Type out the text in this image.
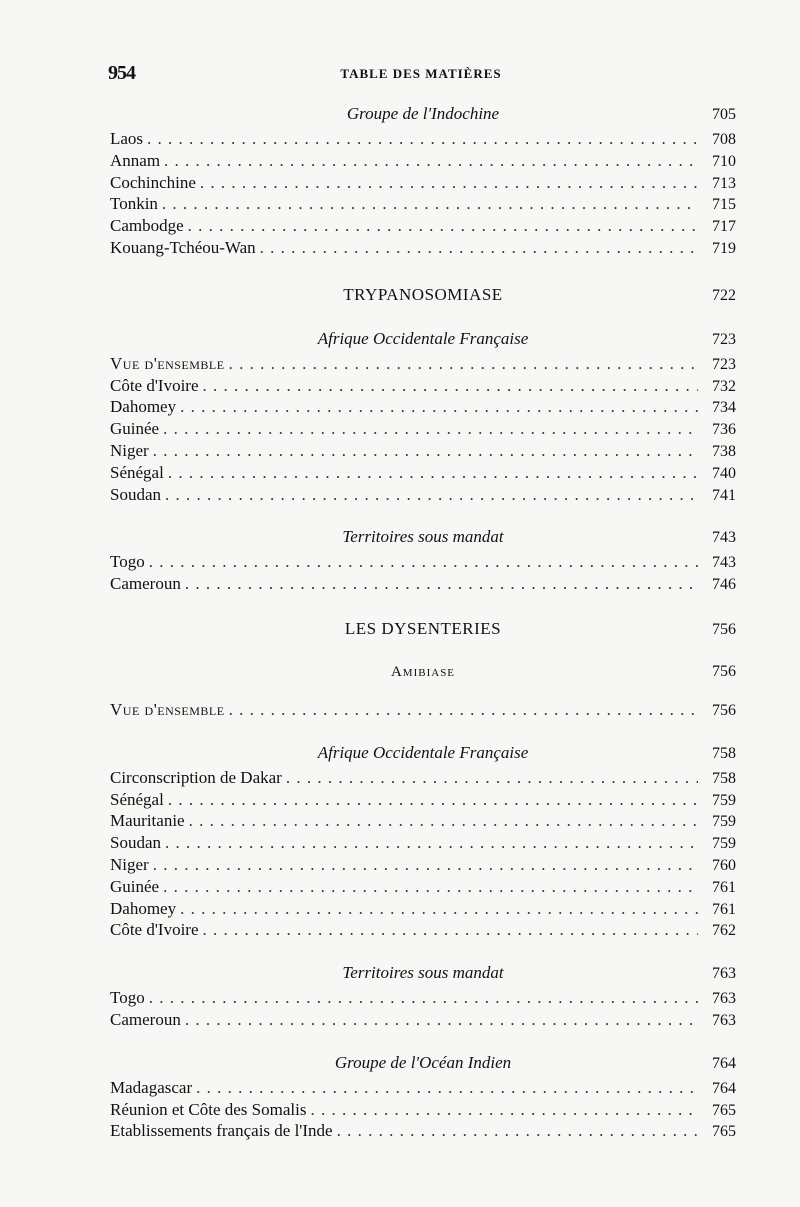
954	TABLE DES MATIÈRES
Groupe de l'Indochine	705
Laos . . .	708
Annam . . .	710
Cochinchine . . .	713
Tonkin . . .	715
Cambodge . . .	717
Kouang-Tchéou-Wan . . .	719
TRYPANOSOMIASE	722
Afrique Occidentale Française	723
Vue d'ensemble . . .	723
Côte d'Ivoire . . .	732
Dahomey . . .	734
Guinée . . .	736
Niger . . .	738
Sénégal . . .	740
Soudan . . .	741
Territoires sous mandat	743
Togo . . .	743
Cameroun . . .	746
LES DYSENTERIES	756
Amibiase	756
Vue d'ensemble . . .	756
Afrique Occidentale Française	758
Circonscription de Dakar . . .	758
Sénégal . . .	759
Mauritanie . . .	759
Soudan . . .	759
Niger . . .	760
Guinée . . .	761
Dahomey . . .	761
Côte d'Ivoire . . .	762
Territoires sous mandat	763
Togo . . .	763
Cameroun . . .	763
Groupe de l'Océan Indien	764
Madagascar . . .	764
Réunion et Côte des Somalis . . .	765
Etablissements français de l'Inde . . .	765
